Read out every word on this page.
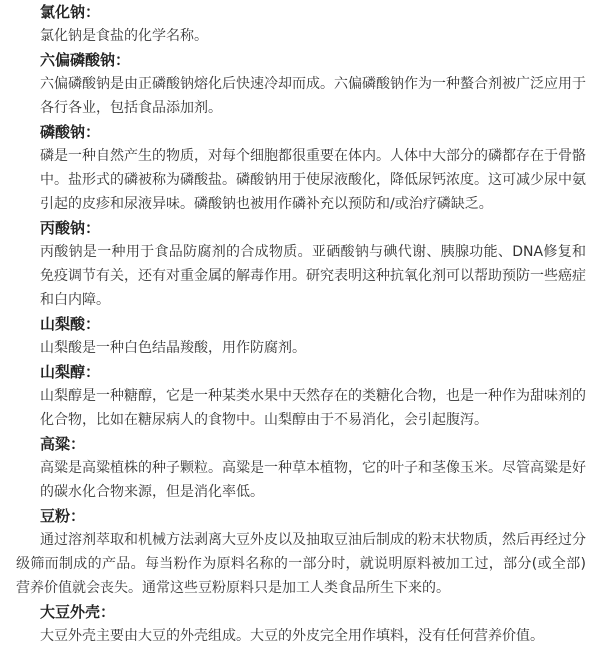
氯化钠：

氯化钠是食盐的化学名称。

六偏磷酸钠：

六偏磷酸钠是由正磷酸钠熔化后快速冷却而成。六偏磷酸钠作为一种螯合剂被广泛应用于各行各业，包括食品添加剂。

磷酸钠：

磷是一种自然产生的物质，对每个细胞都很重要在体内。人体中大部分的磷都存在于骨骼中。盐形式的磷被称为磷酸盐。磷酸钠用于使尿液酸化，降低尿钙浓度。这可减少尿中氨引起的皮疹和尿液异味。磷酸钠也被用作磷补充以预防和/或治疗磷缺乏。

丙酸钠：

丙酸钠是一种用于食品防腐剂的合成物质。亚硒酸钠与碘代谢、胰腺功能、DNA修复和免疫调节有关，还有对重金属的解毒作用。研究表明这种抗氧化剂可以帮助预防一些癌症和白内障。

山梨酸：

山梨酸是一种白色结晶羧酸，用作防腐剂。

山梨醇：

山梨醇是一种糖醇，它是一种某类水果中天然存在的类糖化合物，也是一种作为甜味剂的化合物，比如在糖尿病人的食物中。山梨醇由于不易消化，会引起腹泻。

高粱：

高粱是高粱植株的种子颗粒。高粱是一种草本植物，它的叶子和茎像玉米。尽管高粱是好的碳水化合物来源，但是消化率低。

豆粉：

通过溶剂萃取和机械方法剥离大豆外皮以及抽取豆油后制成的粉末状物质，然后再经过分级筛而制成的产品。每当粉作为原料名称的一部分时，就说明原料被加工过，部分(或全部)营养价值就会丧失。通常这些豆粉原料只是加工人类食品所生下来的。

大豆外壳：

大豆外壳主要由大豆的外壳组成。大豆的外皮完全用作填料，没有任何营养价值。
